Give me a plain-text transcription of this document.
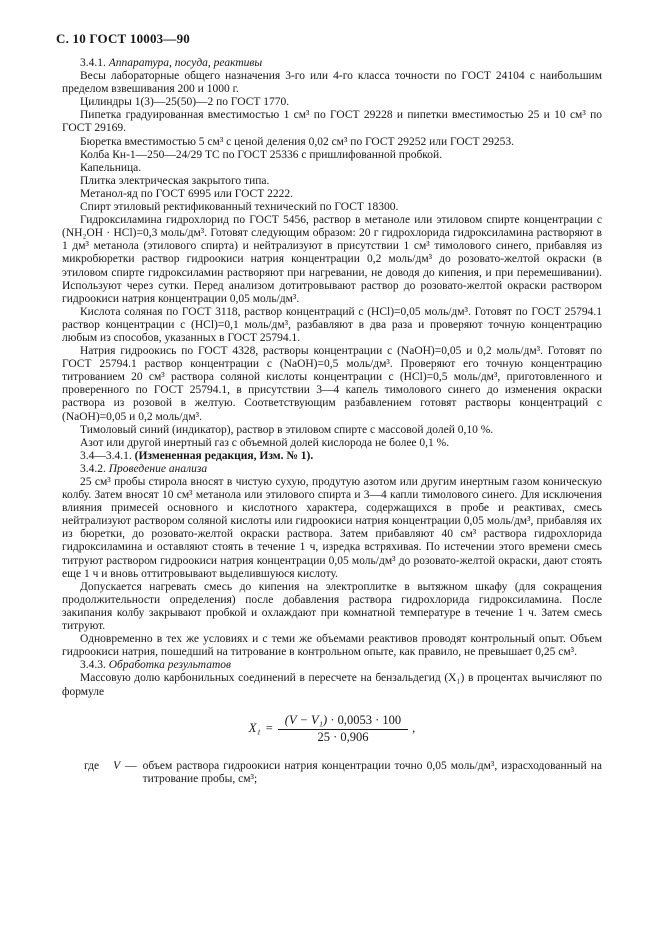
С. 10 ГОСТ 10003—90
3.4.1. Аппаратура, посуда, реактивы

Весы лабораторные общего назначения 3-го или 4-го класса точности по ГОСТ 24104 с наибольшим пределом взвешивания 200 и 1000 г.

Цилиндры 1(3)—25(50)—2 по ГОСТ 1770.

Пипетка градуированная вместимостью 1 см³ по ГОСТ 29228 и пипетки вместимостью 25 и 10 см³ по ГОСТ 29169.

Бюретка вместимостью 5 см³ с ценой деления 0,02 см³ по ГОСТ 29252 или ГОСТ 29253.

Колба Кн-1—250—24/29 ТС по ГОСТ 25336 с пришлифованной пробкой.

Капельница.

Плитка электрическая закрытого типа.

Метанол-яд по ГОСТ 6995 или ГОСТ 2222.

Спирт этиловый ректификованный технический по ГОСТ 18300.

Гидроксиламина гидрохлорид по ГОСТ 5456, раствор в метаноле или этиловом спирте концентрации с (NH₂OH · HCl)=0,3 моль/дм³. Готовят следующим образом: 20 г гидрохлорида гидроксиламина растворяют в 1 дм³ метанола (этилового спирта) и нейтрализуют в присутствии 1 см³ тимолового синего, прибавляя из микробюретки раствор гидроокиси натрия концентрации 0,2 моль/дм³ до розовато-желтой окраски (в этиловом спирте гидроксиламин растворяют при нагревании, не доводя до кипения, и при перемешивании). Используют через сутки. Перед анализом дотитровывают раствор до розовато-желтой окраски раствором гидроокиси натрия концентрации 0,05 моль/дм³.

Кислота соляная по ГОСТ 3118, раствор концентраций с (HCl)=0,05 моль/дм³. Готовят по ГОСТ 25794.1 раствор концентрации с (HCl)=0,1 моль/дм³, разбавляют в два раза и проверяют точную концентрацию любым из способов, указанных в ГОСТ 25794.1.

Натрия гидроокись по ГОСТ 4328, растворы концентрации с (NaOH)=0,05 и 0,2 моль/дм³. Готовят по ГОСТ 25794.1 раствор концентрации с (NaOH)=0,5 моль/дм³. Проверяют его точную концентрацию титрованием 20 см³ раствора соляной кислоты концентрации с (HCl)=0,5 моль/дм³, приготовленного и проверенного по ГОСТ 25794.1, в присутствии 3—4 капель тимолового синего до изменения окраски раствора из розовой в желтую. Соответствующим разбавлением готовят растворы концентраций с (NaOH)=0,05 и 0,2 моль/дм³.

Тимоловый синий (индикатор), раствор в этиловом спирте с массовой долей 0,10 %.

Азот или другой инертный газ с объемной долей кислорода не более 0,1 %.

3.4—3.4.1. (Измененная редакция, Изм. № 1).
3.4.2. Проведение анализа

25 см³ пробы стирола вносят в чистую сухую, продутую азотом или другим инертным газом коническую колбу. Затем вносят 10 см³ метанола или этилового спирта и 3—4 капли тимолового синего. Для исключения влияния примесей основного и кислотного характера, содержащихся в пробе и реактивах, смесь нейтрализуют раствором соляной кислоты или гидроокиси натрия концентрации 0,05 моль/дм³, прибавляя их из бюретки, до розовато-желтой окраски раствора. Затем прибавляют 40 см³ раствора гидрохлорида гидроксиламина и оставляют стоять в течение 1 ч, изредка встряхивая. По истечении этого времени смесь титруют раствором гидроокиси натрия концентрации 0,05 моль/дм³ до розовато-желтой окраски, дают стоять еще 1 ч и вновь оттитровывают выделившуюся кислоту.

Допускается нагревать смесь до кипения на электроплитке в вытяжном шкафу (для сокращения продолжительности определения) после добавления раствора гидрохлорида гидроксиламина. После закипания колбу закрывают пробкой и охлаждают при комнатной температуре в течение 1 ч. Затем смесь титруют.

Одновременно в тех же условиях и с теми же объемами реактивов проводят контрольный опыт. Объем гидроокиси натрия, пошедший на титрование в контрольном опыте, как правило, не превышает 0,25 см³.

3.4.3. Обработка результатов

Массовую долю карбонильных соединений в пересчете на бензальдегид (X₁) в процентах вычисляют по формуле

$X_1 = \frac{\text{(V − V₁) · 0,0053 · 100}}{25 \cdot 0,906}$ ,
где V — объем раствора гидроокиси натрия концентрации точно 0,05 моль/дм³, израсходованный на титрование пробы, см³;
